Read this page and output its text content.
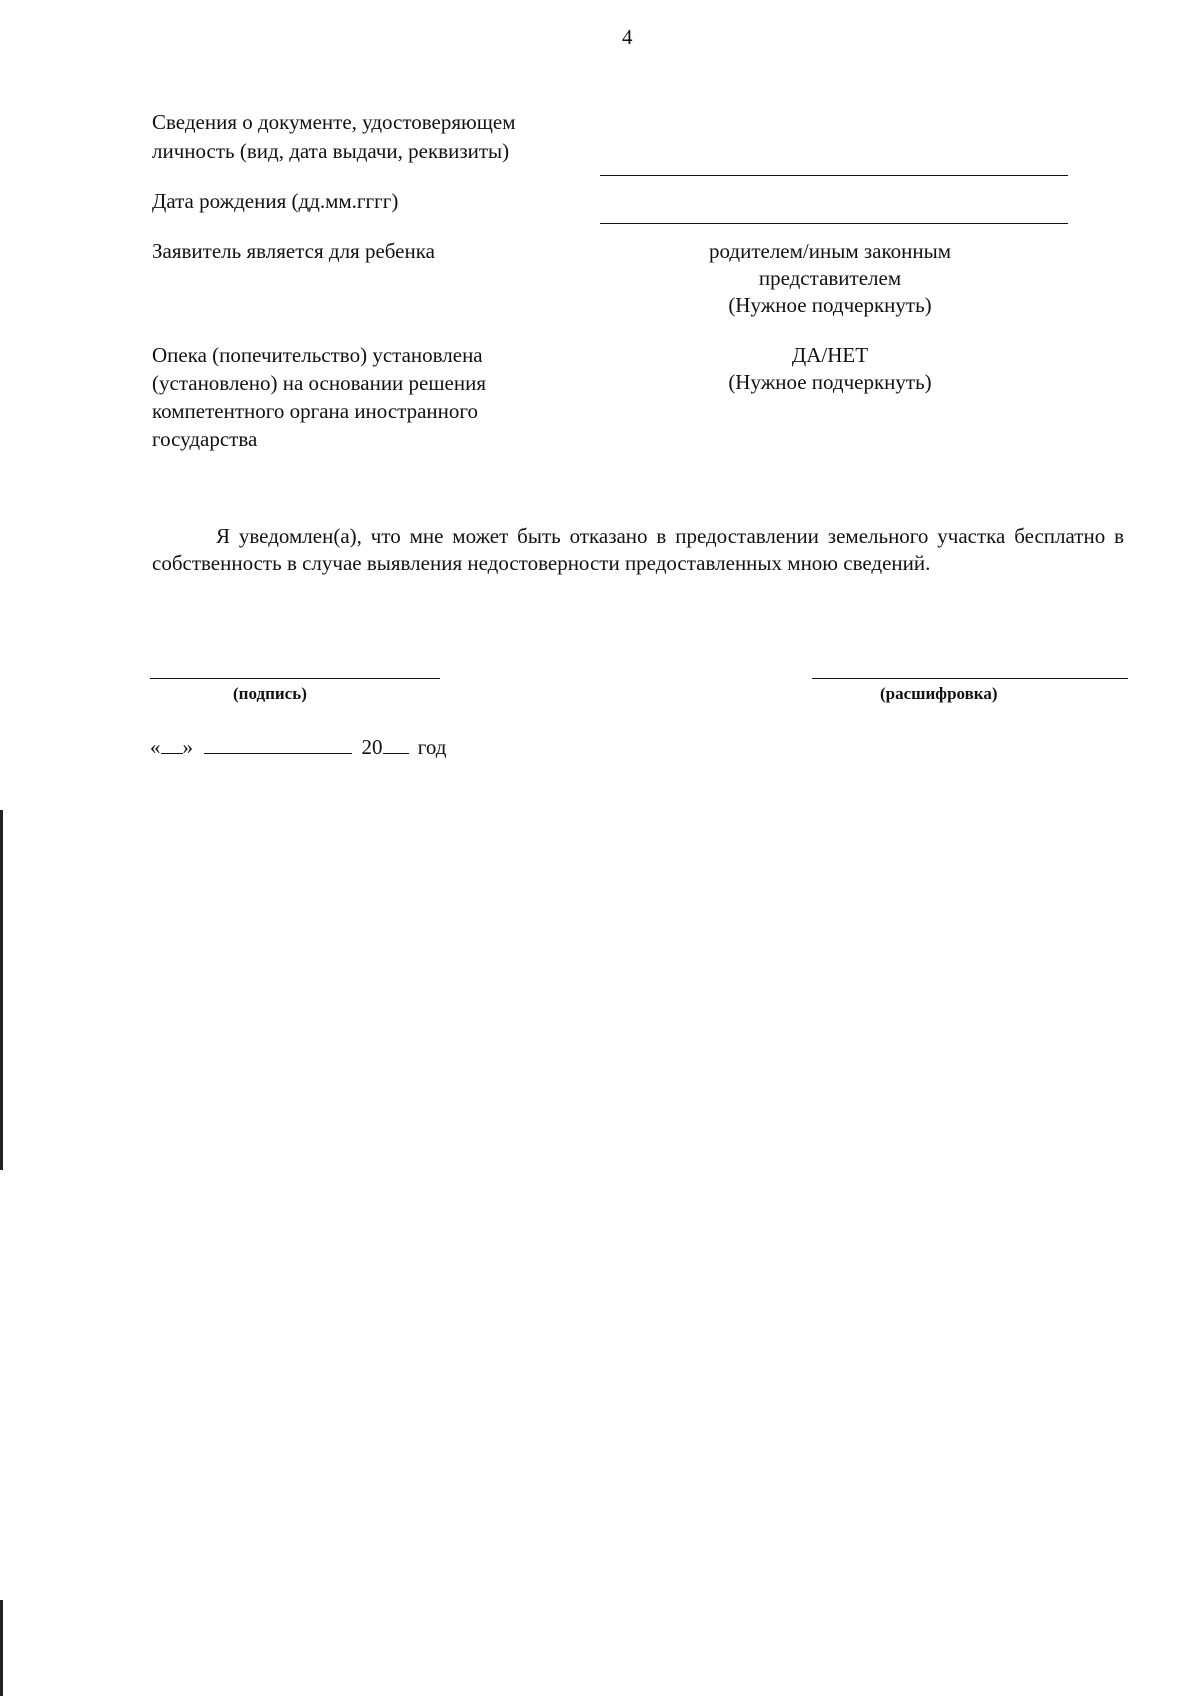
4
Сведения о документе, удостоверяющем
личность (вид, дата выдачи, реквизиты)
Дата рождения (дд.мм.гггг)
Заявитель является для ребенка	родителем/иным законным
представителем
(Нужное подчеркнуть)
Опека (попечительство) установлена
(установлено) на основании решения
компетентного органа иностранного
государства
ДА/НЕТ
(Нужное подчеркнуть)
Я уведомлен(а), что мне может быть отказано в предоставлении земельного участка бесплатно в собственность в случае выявления недостоверности предоставленных мною сведений.
(подпись)	(расшифровка)
« »	20 год
